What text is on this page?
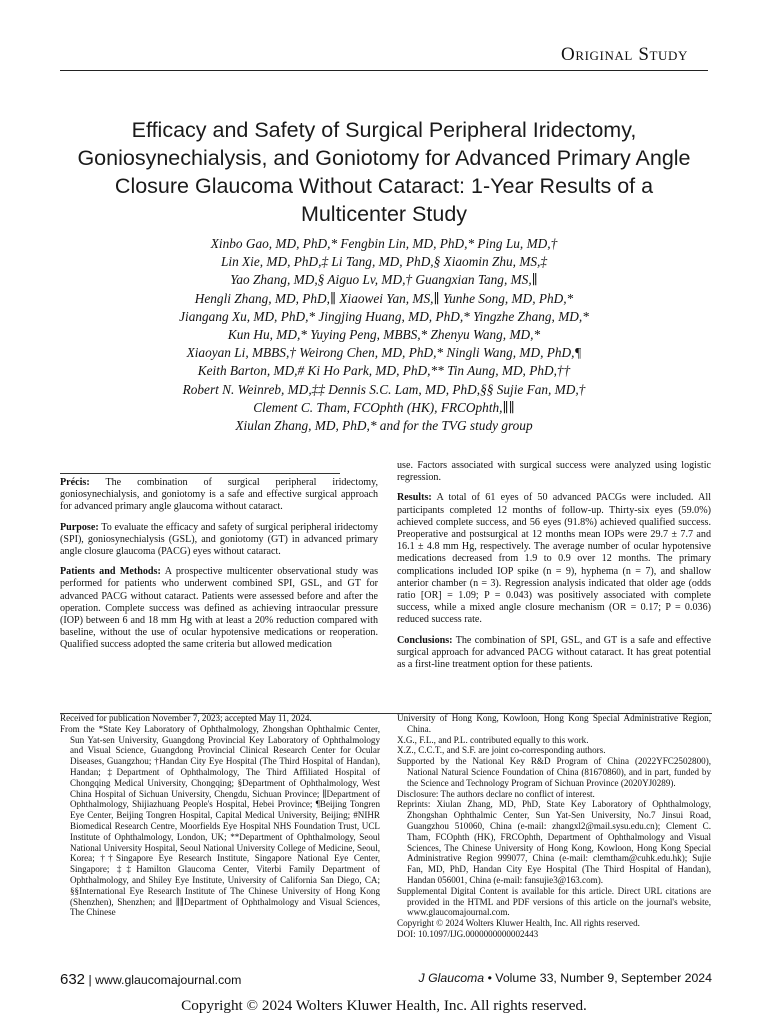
Original Study
Efficacy and Safety of Surgical Peripheral Iridectomy, Goniosynechialysis, and Goniotomy for Advanced Primary Angle Closure Glaucoma Without Cataract: 1-Year Results of a Multicenter Study
Xinbo Gao, MD, PhD,* Fengbin Lin, MD, PhD,* Ping Lu, MD,†
Lin Xie, MD, PhD,‡ Li Tang, MD, PhD,§ Xiaomin Zhu, MS,‡
Yao Zhang, MD,§ Aiguo Lv, MD,† Guangxian Tang, MS,∥
Hengli Zhang, MD, PhD,∥ Xiaowei Yan, MS,∥ Yunhe Song, MD, PhD,*
Jiangang Xu, MD, PhD,* Jingjing Huang, MD, PhD,* Yingzhe Zhang, MD,*
Kun Hu, MD,* Yuying Peng, MBBS,* Zhenyu Wang, MD,*
Xiaoyan Li, MBBS,† Weirong Chen, MD, PhD,* Ningli Wang, MD, PhD,¶
Keith Barton, MD,# Ki Ho Park, MD, PhD,** Tin Aung, MD, PhD,††
Robert N. Weinreb, MD,‡‡ Dennis S.C. Lam, MD, PhD,§§ Sujie Fan, MD,†
Clement C. Tham, FCOphth (HK), FRCOphth,∥∥
Xiulan Zhang, MD, PhD,* and for the TVG study group

Précis: The combination of surgical peripheral iridectomy, goniosynechialysis, and goniotomy is a safe and effective surgical approach for advanced primary angle glaucoma without cataract.

Purpose: To evaluate the efficacy and safety of surgical peripheral iridectomy (SPI), goniosynechialysis (GSL), and goniotomy (GT) in advanced primary angle closure glaucoma (PACG) eyes without cataract.

Patients and Methods: A prospective multicenter observational study was performed for patients who underwent combined SPI, GSL, and GT for advanced PACG without cataract. Patients were assessed before and after the operation. Complete success was defined as achieving intraocular pressure (IOP) between 6 and 18 mm Hg with at least a 20% reduction compared with baseline, without the use of ocular hypotensive medications or reoperation. Qualified success adopted the same criteria but allowed medication

use. Factors associated with surgical success were analyzed using logistic regression.

Results: A total of 61 eyes of 50 advanced PACGs were included. All participants completed 12 months of follow-up. Thirty-six eyes (59.0%) achieved complete success, and 56 eyes (91.8%) achieved qualified success. Preoperative and postsurgical at 12 months mean IOPs were 29.7 ± 7.7 and 16.1 ± 4.8 mm Hg, respectively. The average number of ocular hypotensive medications decreased from 1.9 to 0.9 over 12 months. The primary complications included IOP spike (n = 9), hyphema (n = 7), and shallow anterior chamber (n = 3). Regression analysis indicated that older age (odds ratio [OR] = 1.09; P = 0.043) was positively associated with complete success, while a mixed angle closure mechanism (OR = 0.17; P = 0.036) reduced success rate.

Conclusions: The combination of SPI, GSL, and GT is a safe and effective surgical approach for advanced PACG without cataract. It has great potential as a first-line treatment option for these patients.

Received for publication November 7, 2023; accepted May 11, 2024.

From the *State Key Laboratory of Ophthalmology, Zhongshan Ophthalmic Center, Sun Yat-sen University, Guangdong Provincial Key Laboratory of Ophthalmology and Visual Science, Guangdong Provincial Clinical Research Center for Ocular Diseases, Guangzhou; †Handan City Eye Hospital (The Third Hospital of Handan), Handan; ‡Department of Ophthalmology, The Third Affiliated Hospital of Chongqing Medical University, Chongqing; §Department of Ophthalmology, West China Hospital of Sichuan University, Chengdu, Sichuan Province; ∥Department of Ophthalmology, Shijiazhuang People's Hospital, Hebei Province; ¶Beijing Tongren Eye Center, Beijing Tongren Hospital, Capital Medical University, Beijing; #NIHR Biomedical Research Centre, Moorfields Eye Hospital NHS Foundation Trust, UCL Institute of Ophthalmology, London, UK; **Department of Ophthalmology, Seoul National University Hospital, Seoul National University College of Medicine, Seoul, Korea; ††Singapore Eye Research Institute, Singapore National Eye Center, Singapore; ‡‡Hamilton Glaucoma Center, Viterbi Family Department of Ophthalmology, and Shiley Eye Institute, University of California San Diego, CA; §§International Eye Research Institute of The Chinese University of Hong Kong (Shenzhen), Shenzhen; and ∥∥Department of Ophthalmology and Visual Sciences, The Chinese

University of Hong Kong, Kowloon, Hong Kong Special Administrative Region, China.

X.G., F.L., and P.L. contributed equally to this work.

X.Z., C.C.T., and S.F. are joint co-corresponding authors.

Supported by the National Key R&D Program of China (2022YFC2502800), National Natural Science Foundation of China (81670860), and in part, funded by the Science and Technology Program of Sichuan Province (2020YJ0289).

Disclosure: The authors declare no conflict of interest.

Reprints: Xiulan Zhang, MD, PhD, State Key Laboratory of Ophthalmology, Zhongshan Ophthalmic Center, Sun Yat-Sen University, No.7 Jinsui Road, Guangzhou 510060, China (e-mail: zhangxl2@mail.sysu.edu.cn); Clement C. Tham, FCOphth (HK), FRCOphth, Department of Ophthalmology and Visual Sciences, The Chinese University of Hong Kong, Kowloon, Hong Kong Special Administrative Region 999077, China (e-mail: clemtham@cuhk.edu.hk); Sujie Fan, MD, PhD, Handan City Eye Hospital (The Third Hospital of Handan), Handan 056001, China (e-mail: fansujie3@163.com).

Supplemental Digital Content is available for this article. Direct URL citations are provided in the HTML and PDF versions of this article on the journal's website, www.glaucomajournal.com.

Copyright © 2024 Wolters Kluwer Health, Inc. All rights reserved.

DOI: 10.1097/IJG.0000000000002443

632 | www.glaucomajournal.com	J Glaucoma • Volume 33, Number 9, September 2024
Copyright © 2024 Wolters Kluwer Health, Inc. All rights reserved.
